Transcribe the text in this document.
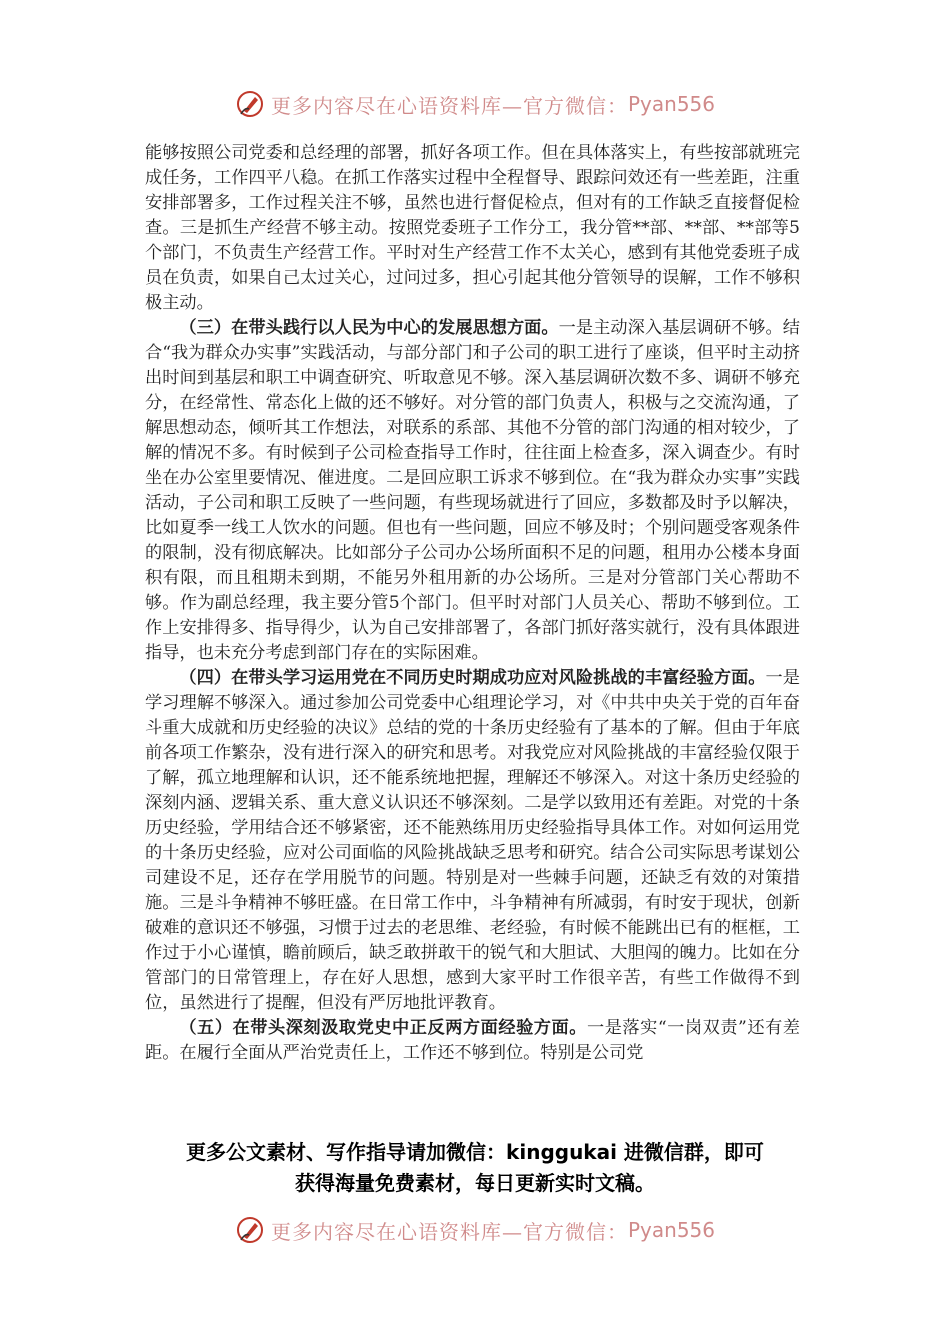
更多内容尽在心语资料库—官方微信： Pyan556

能够按照公司党委和总经理的部署，抓好各项工作。但在具体落实上，有些按部就班完成任务，工作四平八稳。在抓工作落实过程中全程督导、跟踪问效还有一些差距，注重安排部署多，工作过程关注不够，虽然也进行督促检点，但对有的工作缺乏直接督促检查。三是抓生产经营不够主动。按照党委班子工作分工，我分管**部、**部、**部等5个部门，不负责生产经营工作。平时对生产经营工作不太关心，感到有其他党委班子成员在负责，如果自己太过关心，过问过多，担心引起其他分管领导的误解，工作不够积极主动。

（三）在带头践行以人民为中心的发展思想方面。一是主动深入基层调研不够。结合“我为群众办实事”实践活动，与部分部门和子公司的职工进行了座谈，但平时主动挤出时间到基层和职工中调查研究、听取意见不够。深入基层调研次数不多、调研不够充分，在经常性、常态化上做的还不够好。对分管的部门负责人，积极与之交流沟通，了解思想动态，倾听其工作想法，对联系的系部、其他不分管的部门沟通的相对较少，了解的情况不多。有时候到子公司检查指导工作时，往往面上检查多，深入调查少。有时坐在办公室里要情况、催进度。二是回应职工诉求不够到位。在“我为群众办实事”实践活动，子公司和职工反映了一些问题，有些现场就进行了回应，多数都及时予以解决，比如夏季一线工人饮水的问题。但也有一些问题，回应不够及时；个别问题受客观条件的限制，没有彻底解决。比如部分子公司办公场所面积不足的问题，租用办公楼本身面积有限，而且租期未到期，不能另外租用新的办公场所。三是对分管部门关心帮助不够。作为副总经理，我主要分管5个部门。但平时对部门人员关心、帮助不够到位。工作上安排得多、指导得少，认为自己安排部署了，各部门抓好落实就行，没有具体跟进指导，也未充分考虑到部门存在的实际困难。

（四）在带头学习运用党在不同历史时期成功应对风险挑战的丰富经验方面。一是学习理解不够深入。通过参加公司党委中心组理论学习，对《中共中央关于党的百年奋斗重大成就和历史经验的决议》总结的党的十条历史经验有了基本的了解。但由于年底前各项工作繁杂，没有进行深入的研究和思考。对我党应对风险挑战的丰富经验仅限于了解，孤立地理解和认识，还不能系统地把握，理解还不够深入。对这十条历史经验的深刻内涵、逻辑关系、重大意义认识还不够深刻。二是学以致用还有差距。对党的十条历史经验，学用结合还不够紧密，还不能熟练用历史经验指导具体工作。对如何运用党的十条历史经验，应对公司面临的风险挑战缺乏思考和研究。结合公司实际思考谋划公司建设不足，还存在学用脱节的问题。特别是对一些棘手问题，还缺乏有效的对策措施。三是斗争精神不够旺盛。在日常工作中，斗争精神有所减弱，有时安于现状，创新破难的意识还不够强，习惯于过去的老思维、老经验，有时候不能跳出已有的框框，工作过于小心谨慎，瞻前顾后，缺乏敢拼敢干的锐气和大胆试、大胆闯的魄力。比如在分管部门的日常管理上，存在好人思想，感到大家平时工作很辛苦，有些工作做得不到位，虽然进行了提醒，但没有严厉地批评教育。

（五）在带头深刻汲取党史中正反两方面经验方面。一是落实“一岗双责”还有差距。在履行全面从严治党责任上，工作还不够到位。特别是公司党

更多公文素材、写作指导请加微信：kinggukai 进微信群，即可
获得海量免费素材，每日更新实时文稿。
更多内容尽在心语资料库—官方微信： Pyan556
